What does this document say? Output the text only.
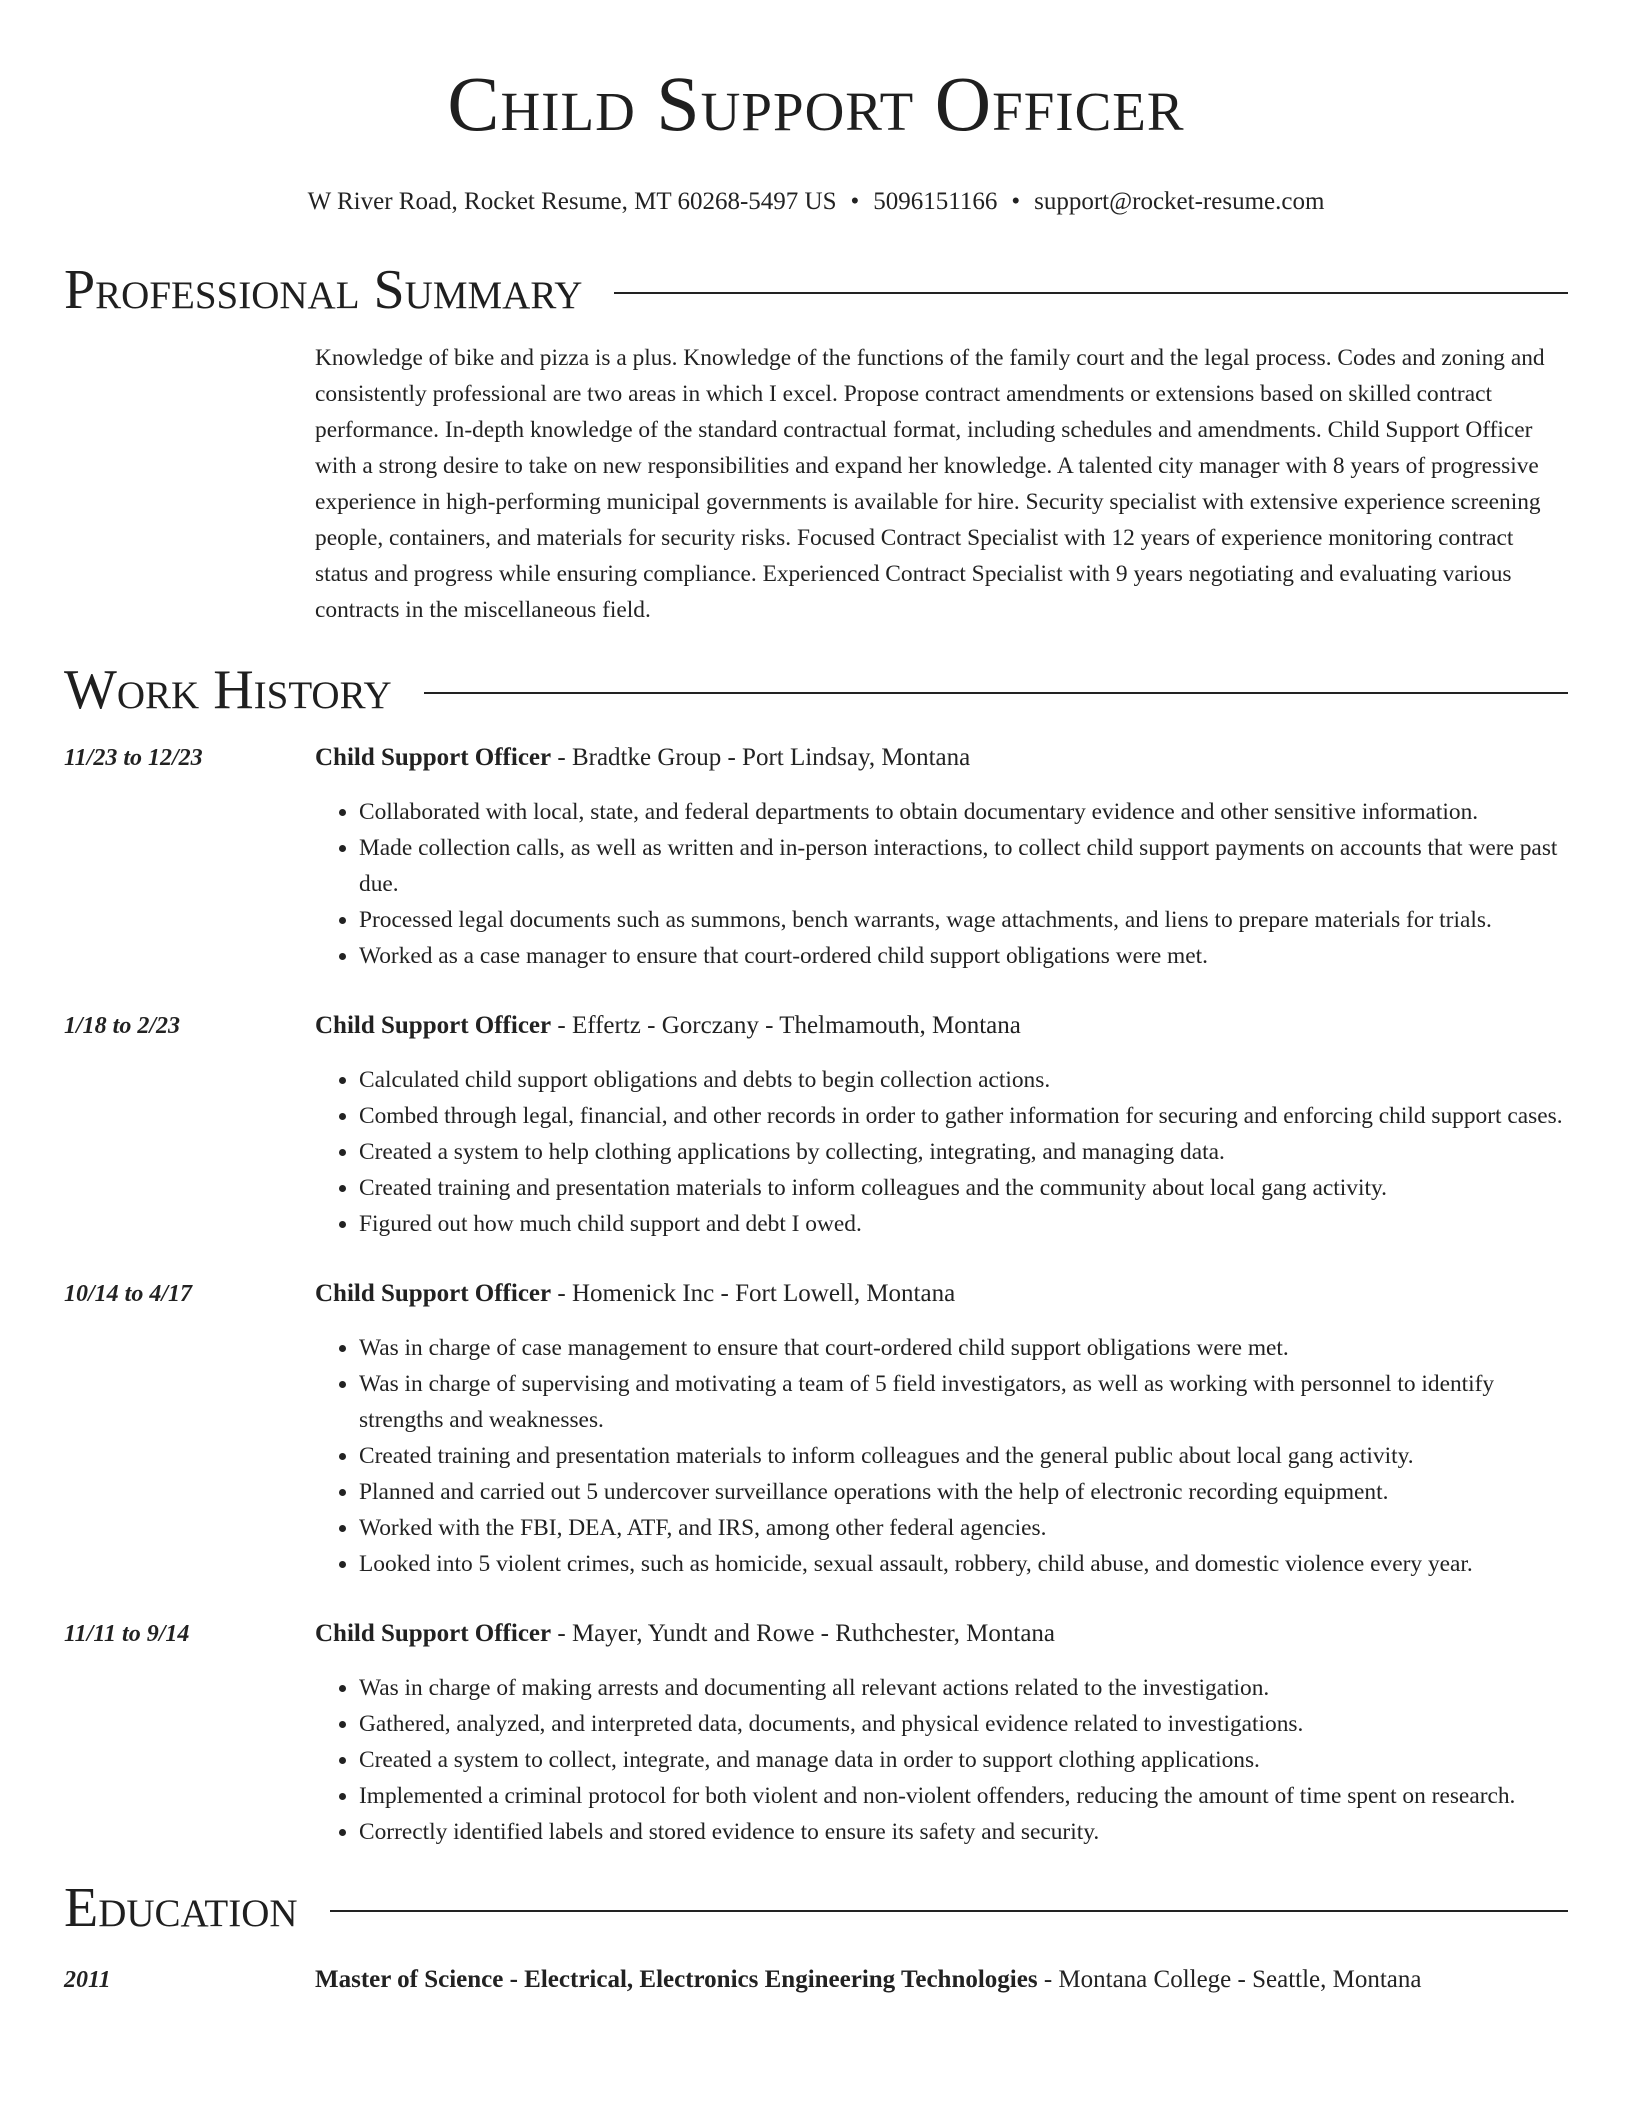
Child Support Officer
W River Road, Rocket Resume, MT 60268-5497 US • 5096151166 • support@rocket-resume.com
Professional Summary
Knowledge of bike and pizza is a plus. Knowledge of the functions of the family court and the legal process. Codes and zoning and consistently professional are two areas in which I excel. Propose contract amendments or extensions based on skilled contract performance. In-depth knowledge of the standard contractual format, including schedules and amendments. Child Support Officer with a strong desire to take on new responsibilities and expand her knowledge. A talented city manager with 8 years of progressive experience in high-performing municipal governments is available for hire. Security specialist with extensive experience screening people, containers, and materials for security risks. Focused Contract Specialist with 12 years of experience monitoring contract status and progress while ensuring compliance. Experienced Contract Specialist with 9 years negotiating and evaluating various contracts in the miscellaneous field.
Work History
11/23 to 12/23	Child Support Officer - Bradtke Group - Port Lindsay, Montana
• Collaborated with local, state, and federal departments to obtain documentary evidence and other sensitive information.
• Made collection calls, as well as written and in-person interactions, to collect child support payments on accounts that were past due.
• Processed legal documents such as summons, bench warrants, wage attachments, and liens to prepare materials for trials.
• Worked as a case manager to ensure that court-ordered child support obligations were met.
1/18 to 2/23	Child Support Officer - Effertz - Gorczany - Thelmamouth, Montana
• Calculated child support obligations and debts to begin collection actions.
• Combed through legal, financial, and other records in order to gather information for securing and enforcing child support cases.
• Created a system to help clothing applications by collecting, integrating, and managing data.
• Created training and presentation materials to inform colleagues and the community about local gang activity.
• Figured out how much child support and debt I owed.
10/14 to 4/17	Child Support Officer - Homenick Inc - Fort Lowell, Montana
• Was in charge of case management to ensure that court-ordered child support obligations were met.
• Was in charge of supervising and motivating a team of 5 field investigators, as well as working with personnel to identify strengths and weaknesses.
• Created training and presentation materials to inform colleagues and the general public about local gang activity.
• Planned and carried out 5 undercover surveillance operations with the help of electronic recording equipment.
• Worked with the FBI, DEA, ATF, and IRS, among other federal agencies.
• Looked into 5 violent crimes, such as homicide, sexual assault, robbery, child abuse, and domestic violence every year.
11/11 to 9/14	Child Support Officer - Mayer, Yundt and Rowe - Ruthchester, Montana
• Was in charge of making arrests and documenting all relevant actions related to the investigation.
• Gathered, analyzed, and interpreted data, documents, and physical evidence related to investigations.
• Created a system to collect, integrate, and manage data in order to support clothing applications.
• Implemented a criminal protocol for both violent and non-violent offenders, reducing the amount of time spent on research.
• Correctly identified labels and stored evidence to ensure its safety and security.
Education
2011	Master of Science - Electrical, Electronics Engineering Technologies - Montana College - Seattle, Montana
